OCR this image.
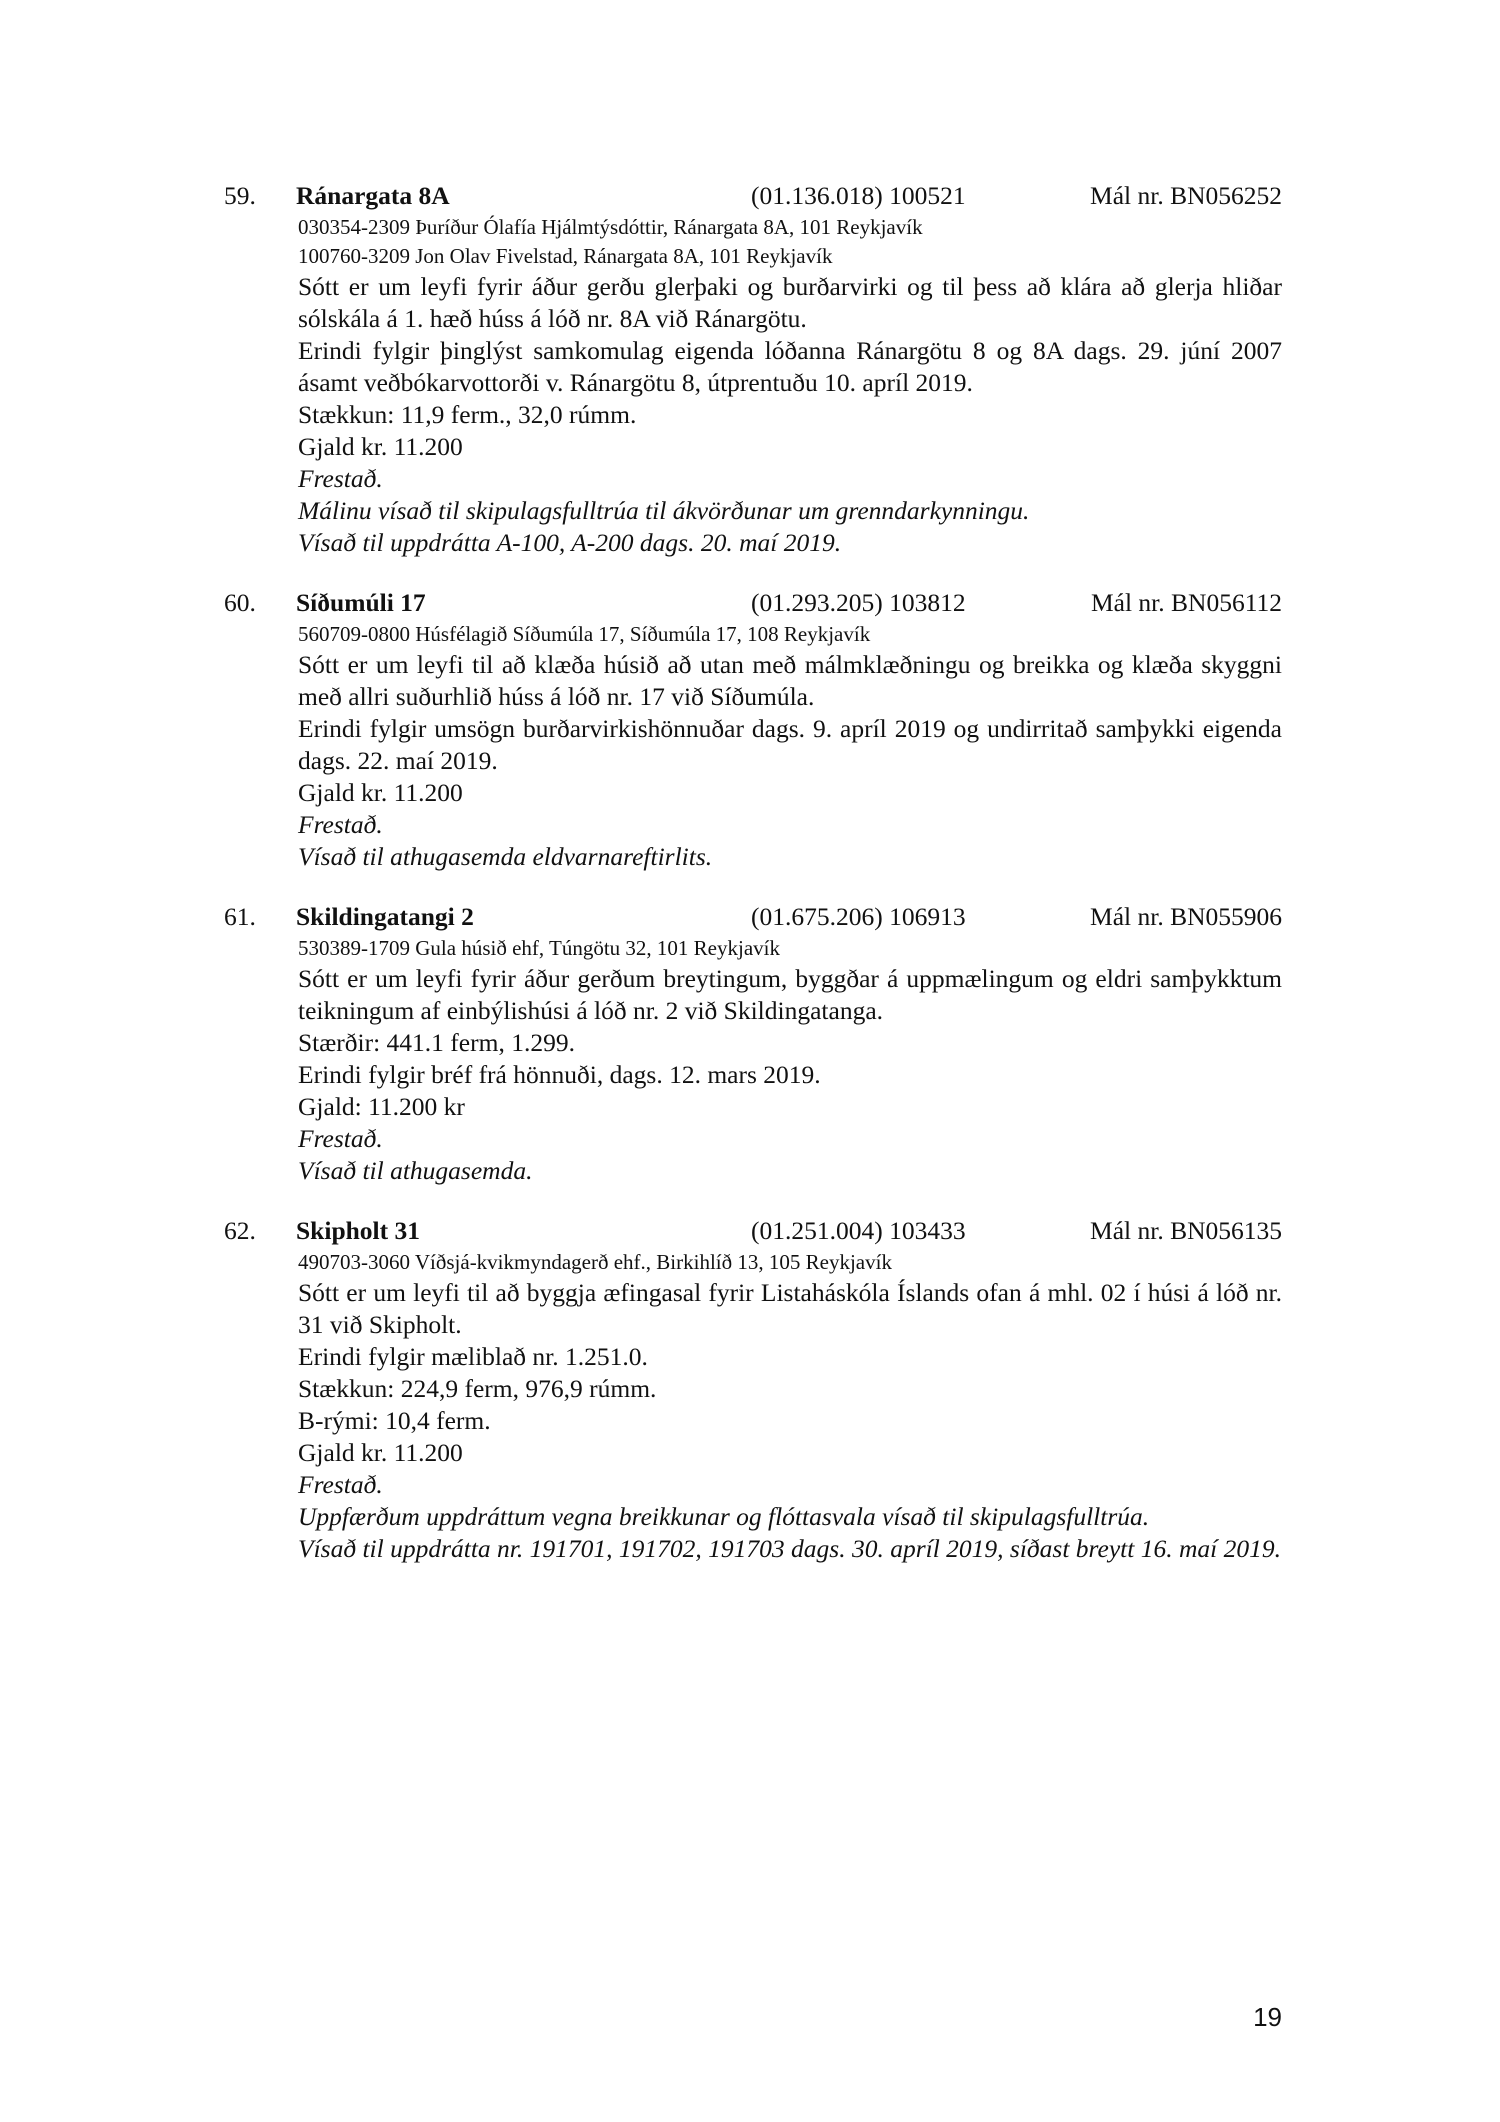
59. Ránargata 8A	(01.136.018) 100521	Mál nr. BN056252
030354-2309 Þuríður Ólafía Hjálmtýsdóttir, Ránargata 8A, 101 Reykjavík
100760-3209 Jon Olav Fivelstad, Ránargata 8A, 101 Reykjavík
Sótt er um leyfi fyrir áður gerðu glerþaki og burðarvirki og til þess að klára að glerja hliðar sólskála á 1. hæð húss á lóð nr. 8A við Ránargötu.
Erindi fylgir þinglýst samkomulag eigenda lóðanna Ránargötu 8 og 8A dags. 29. júní 2007 ásamt veðbókarvottorði v. Ránargötu 8, útprentuðu 10. apríl 2019.
Stækkun: 11,9 ferm., 32,0 rúmm.
Gjald kr. 11.200
Frestað.
Málinu vísað til skipulagsfulltrúa til ákvörðunar um grenndarkynningu.
Vísað til uppdrátta A-100, A-200 dags. 20. maí 2019.
60. Síðumúli 17	(01.293.205) 103812	Mál nr. BN056112
560709-0800 Húsfélagið Síðumúla 17, Síðumúla 17, 108 Reykjavík
Sótt er um leyfi til að klæða húsið að utan með málmklæðningu og breikka og klæða skyggni með allri suðurhlið húss á lóð nr. 17 við Síðumúla.
Erindi fylgir umsögn burðarvirkishönnuðar dags. 9. apríl 2019 og undirritað samþykki eigenda dags. 22. maí 2019.
Gjald kr. 11.200
Frestað.
Vísað til athugasemda eldvarnareftirlits.
61. Skildingatangi 2	(01.675.206) 106913	Mál nr. BN055906
530389-1709 Gula húsið ehf, Túngötu 32, 101 Reykjavík
Sótt er um leyfi fyrir áður gerðum breytingum, byggðar á uppmælingum og eldri samþykktum teikningum af einbýlishúsi á lóð nr. 2 við Skildingatanga.
Stærðir: 441.1 ferm, 1.299.
Erindi fylgir bréf frá hönnuði, dags. 12. mars 2019.
Gjald: 11.200 kr
Frestað.
Vísað til athugasemda.
62. Skipholt 31	(01.251.004) 103433	Mál nr. BN056135
490703-3060 Víðsjá-kvikmyndagerð ehf., Birkihlíð 13, 105 Reykjavík
Sótt er um leyfi til að byggja æfingasal fyrir Listaháskóla Íslands ofan á mhl. 02 í húsi á lóð nr. 31 við Skipholt.
Erindi fylgir mæliblað nr. 1.251.0.
Stækkun: 224,9 ferm, 976,9 rúmm.
B-rými: 10,4 ferm.
Gjald kr. 11.200
Frestað.
Uppfærðum uppdráttum vegna breikkunar og flóttasvala vísað til skipulagsfulltrúa.
Vísað til uppdrátta nr. 191701, 191702, 191703 dags. 30. apríl 2019, síðast breytt 16. maí 2019.
19
